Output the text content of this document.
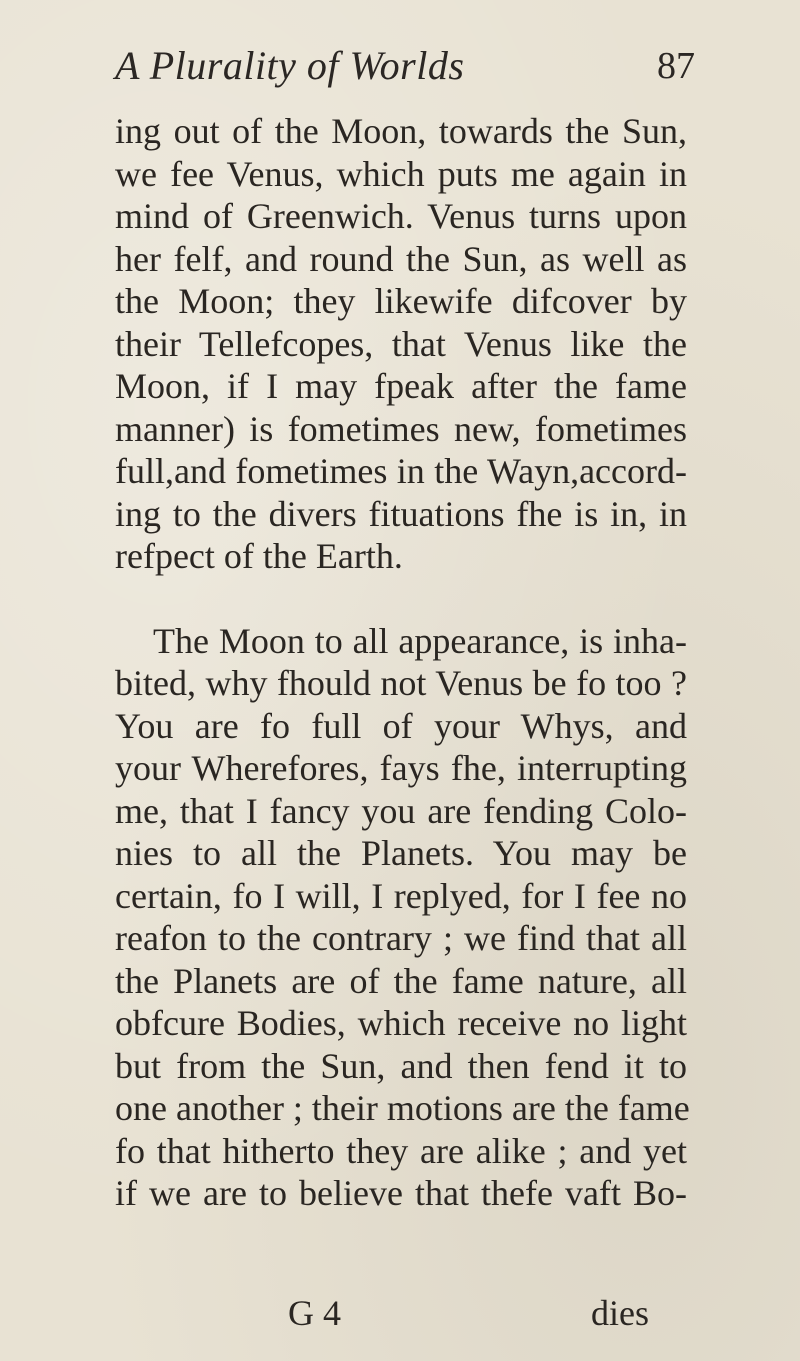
A Plurality of Worlds	87
ing out of the Moon, towards the Sun,
we fee Venus, which puts me again in
mind of Greenwich. Venus turns upon
her felf, and round the Sun, as well as
the Moon; they likewife difcover by
their Tellefcopes, that Venus like the
Moon, if I may fpeak after the fame
manner) is fometimes new, fometimes
full,and fometimes in the Wayn,accord-
ing to the divers fituations fhe is in, in
refpect of the Earth.
The Moon to all appearance, is inha-
bited, why fhould not Venus be fo too ?
You are fo full of your Whys, and
your Wherefores, fays fhe, interrupting
me, that I fancy you are fending Colo-
nies to all the Planets. You may be
certain, fo I will, I replyed, for I fee no
reafon to the contrary ; we find that all
the Planets are of the fame nature, all
obfcure Bodies, which receive no light
but from the Sun, and then fend it to
one another ; their motions are the fame
fo that hitherto they are alike ; and yet
if we are to believe that thefe vaft Bo-
G 4	dies
